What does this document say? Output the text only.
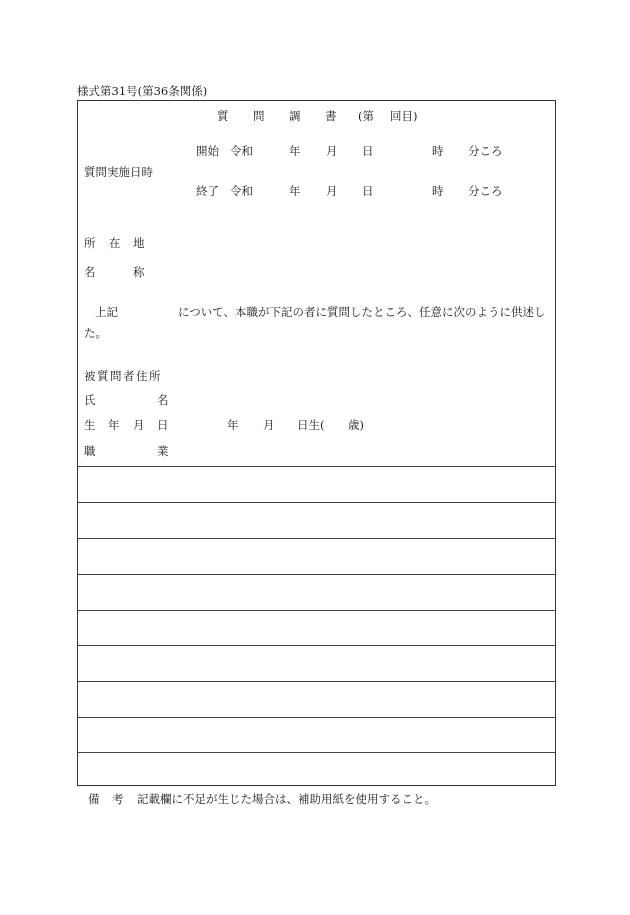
様式第31号(第36条関係)
質 問 調 書 (第 回目)
質問実施日時
開始 令和	年 月 日	時 分ころ
終了 令和	年 月 日	時 分ころ
所 在 地
名	称
上記	について、本職が下記の者に質問したところ、任意に次のように供述し
た。
被質問者住所
氏	名
生 年 月 日	年 月 日生( 歳)
職	業
備 考 記載欄に不足が生じた場合は、補助用紙を使用すること。
